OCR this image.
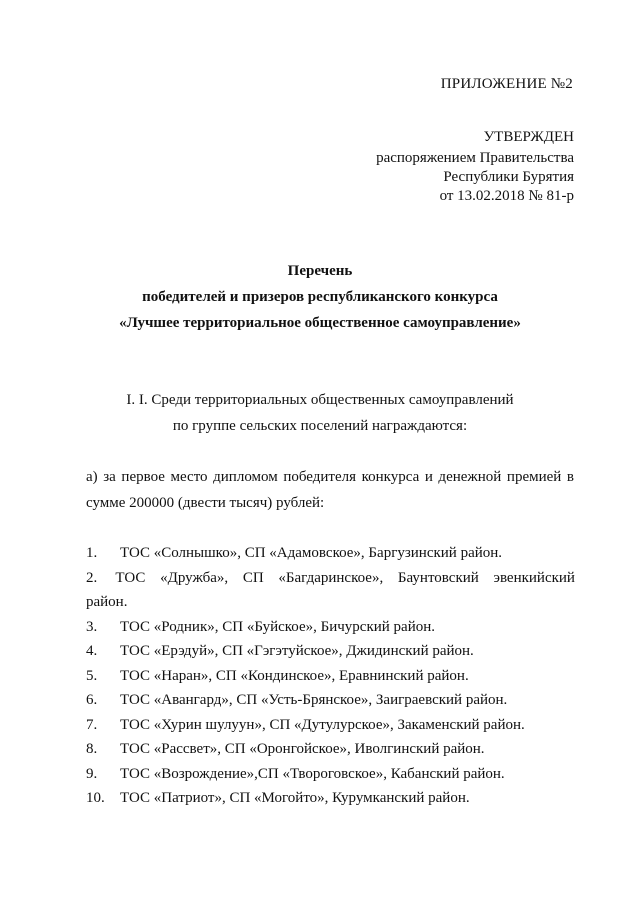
ПРИЛОЖЕНИЕ №2
УТВЕРЖДЕН
распоряжением Правительства
Республики Бурятия
от 13.02.2018 № 81-р
Перечень
победителей и призеров республиканского конкурса
«Лучшее территориальное общественное самоуправление»
I. I. Среди территориальных общественных самоуправлений
по группе сельских поселений награждаются:
а) за первое место дипломом победителя конкурса и денежной премией в сумме 200000 (двести тысяч) рублей:
1. ТОС «Солнышко», СП «Адамовское», Баргузинский район.
2.	ТОС «Дружба», СП «Багдаринское», Баунтовский эвенкийский
район.
3. ТОС «Родник», СП «Буйское», Бичурский район.
4. ТОС «Ерэдуй», СП «Гэгэтуйское», Джидинский район.
5. ТОС «Наран», СП «Кондинское», Еравнинский район.
6. ТОС «Авангард», СП «Усть-Брянское», Заиграевский район.
7. ТОС «Хурин шулуун», СП «Дутулурское», Закаменский район.
8. ТОС «Рассвет», СП «Оронгойское», Иволгинский район.
9. ТОС «Возрождение»,СП «Твороговское», Кабанский район.
10. ТОС «Патриот», СП «Могойто», Курумканский район.
